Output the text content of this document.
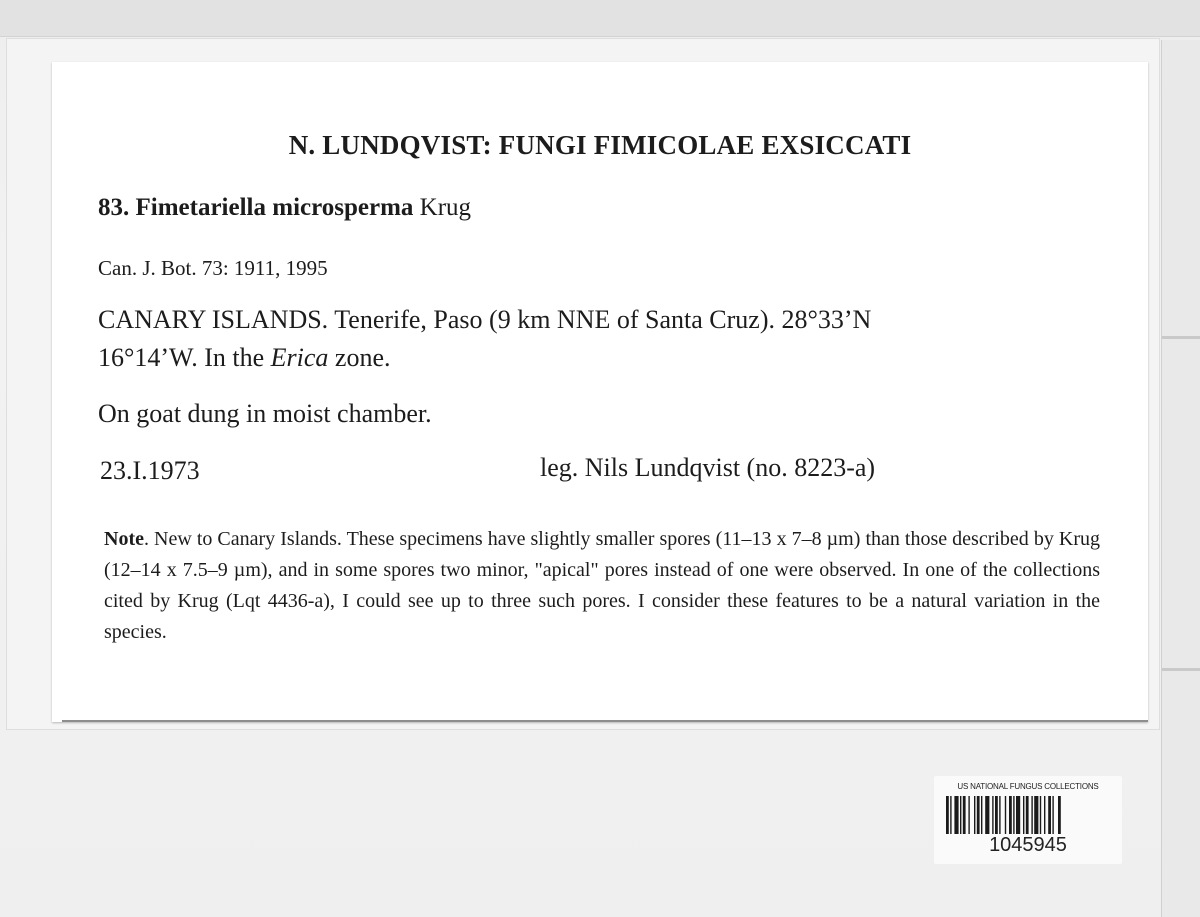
N. LUNDQVIST: FUNGI FIMICOLAE EXSICCATI
83. Fimetariella microsperma Krug
Can. J. Bot. 73: 1911, 1995
CANARY ISLANDS. Tenerife, Paso (9 km NNE of Santa Cruz). 28°33’N
16°14’W. In the Erica zone.
On goat dung in moist chamber.
23.I.1973	leg. Nils Lundqvist (no. 8223-a)
Note. New to Canary Islands. These specimens have slightly smaller spores (11–13 x 7–8 µm) than those described by Krug (12–14 x 7.5–9 µm), and in some spores two minor, "apical" pores instead of one were observed. In one of the collections cited by Krug (Lqt 4436-a), I could see up to three such pores. I consider these features to be a natural variation in the species.
US NATIONAL FUNGUS COLLECTIONS
1045945
